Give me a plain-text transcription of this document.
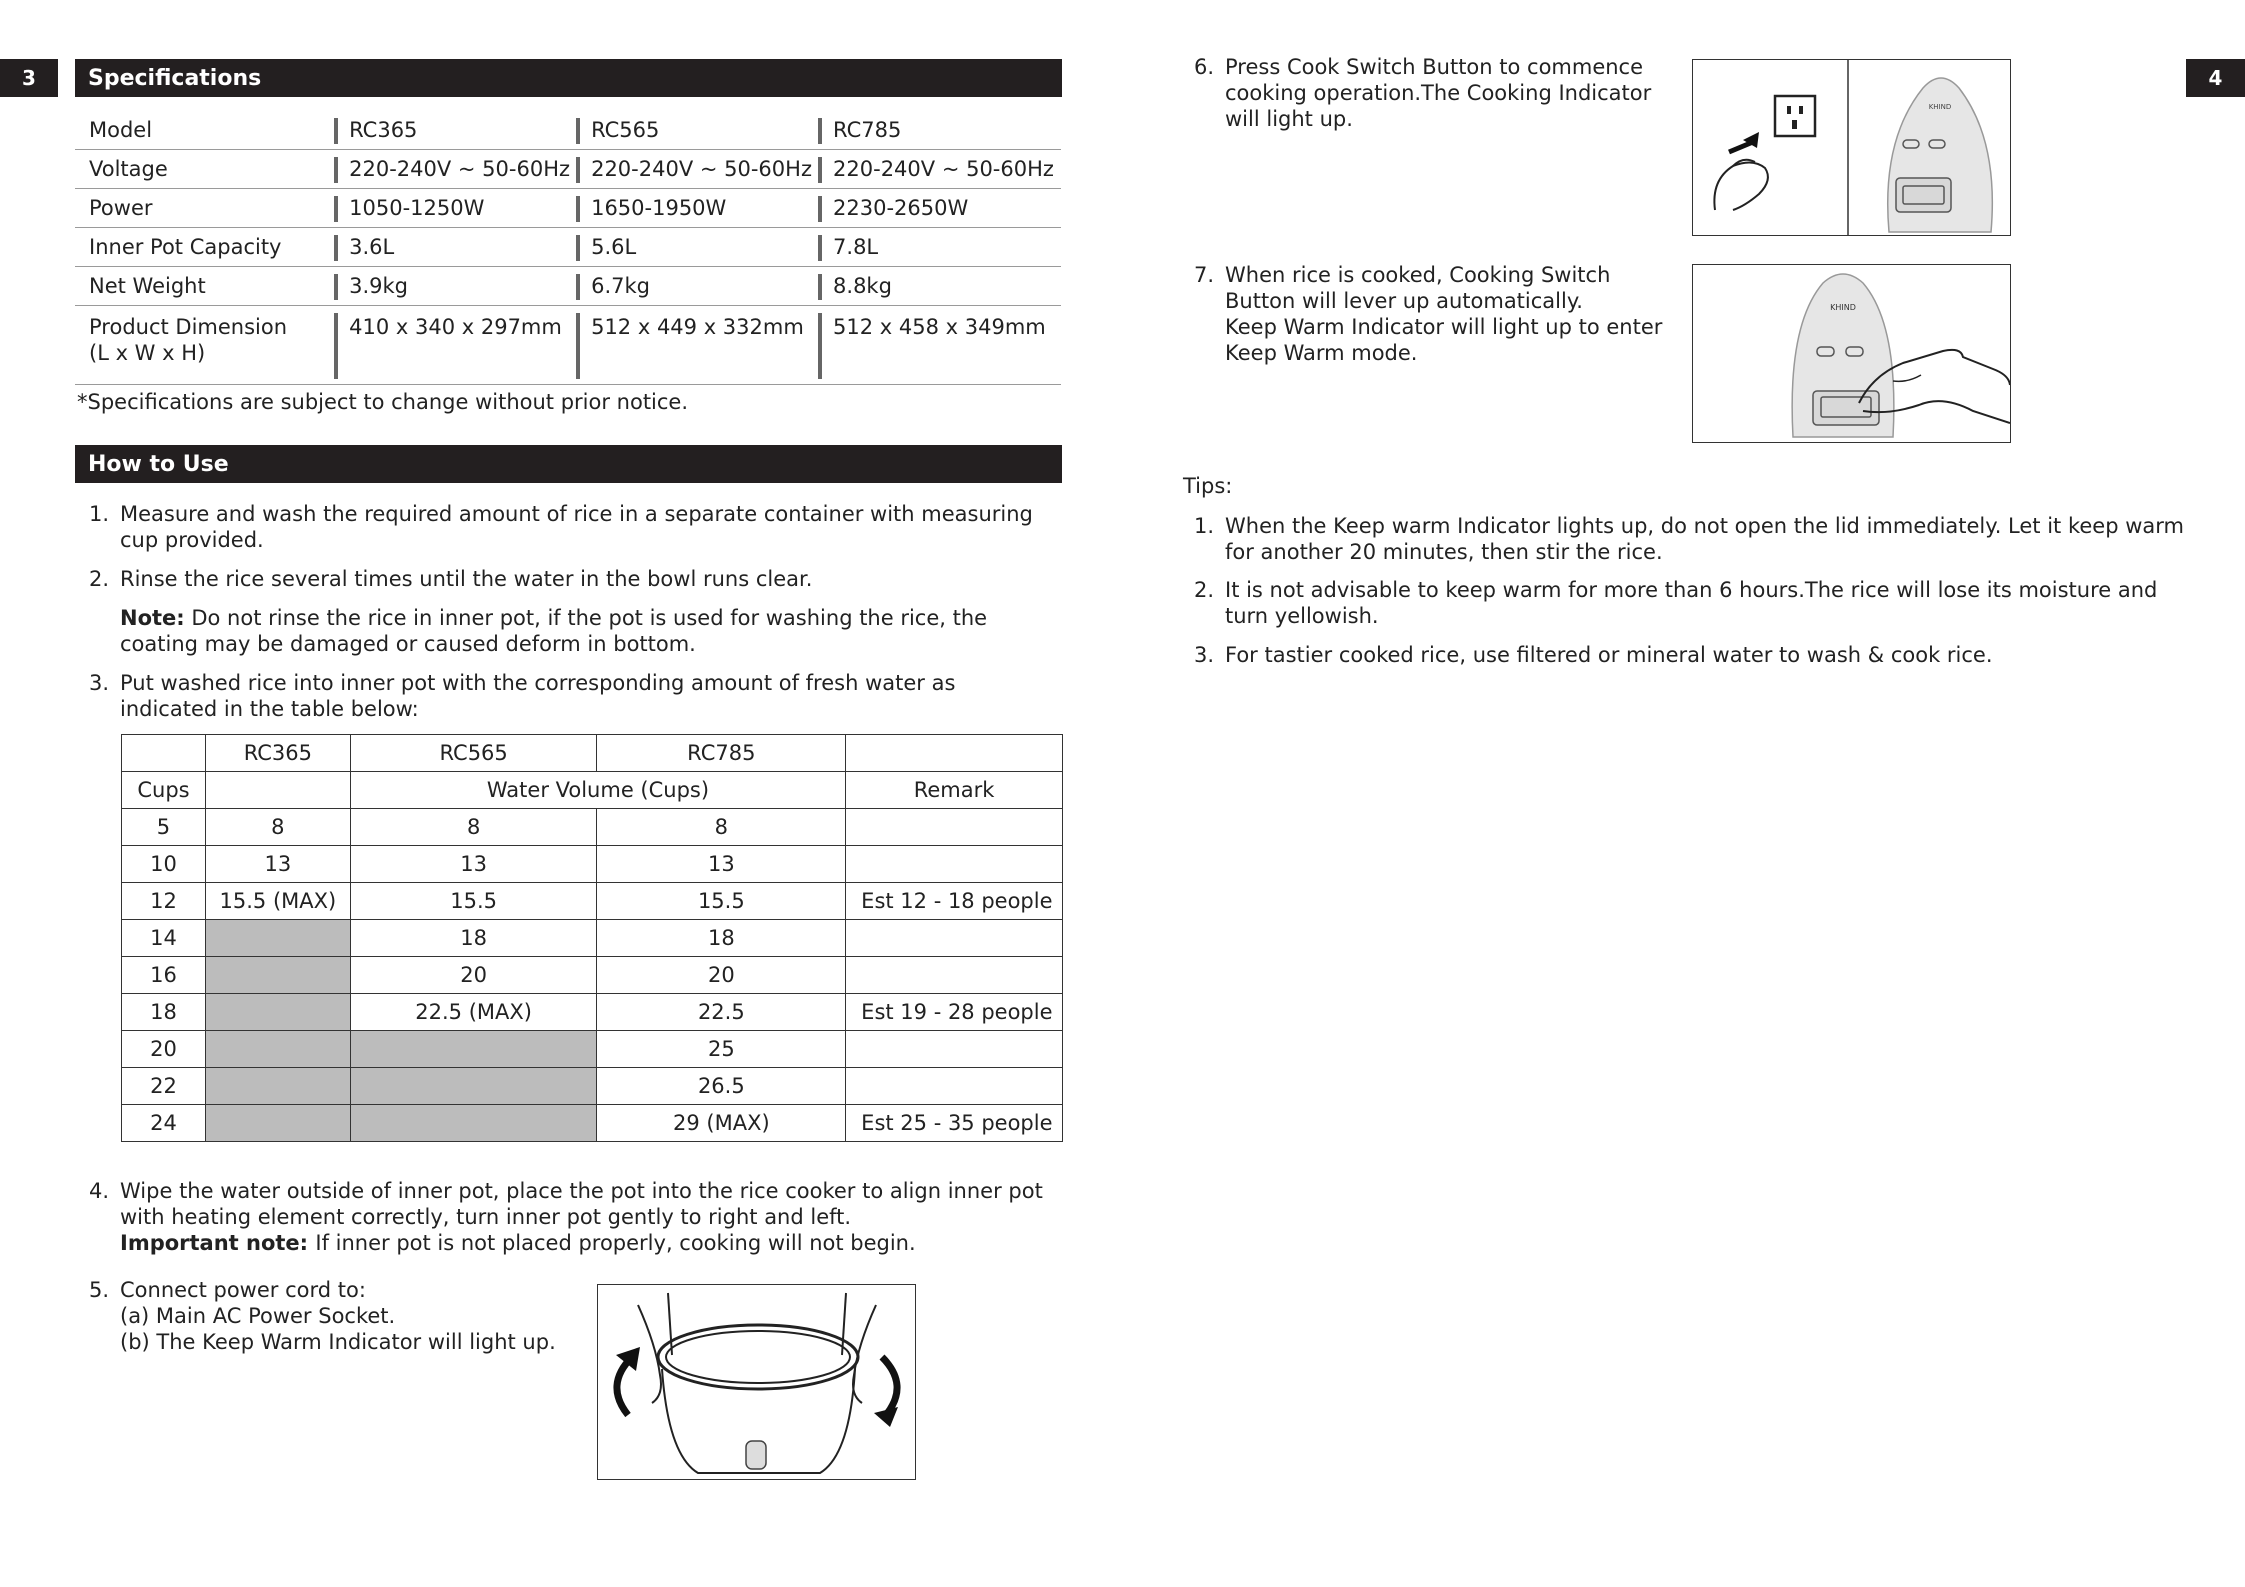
3	4
Specifications
Model	RC365	RC565	RC785
Voltage	220-240V ~ 50-60Hz	220-240V ~ 50-60Hz	220-240V ~ 50-60Hz
Power	1050-1250W	1650-1950W	2230-2650W
Inner Pot Capacity	3.6L	5.6L	7.8L
Net Weight	3.9kg	6.7kg	8.8kg
Product Dimension
(L x W x H)	410 x 340 x 297mm	512 x 449 x 332mm	512 x 458 x 349mm
*Specifications are subject to change without prior notice.
How to Use
1. Measure and wash the required amount of rice in a separate container with measuring cup provided.
2. Rinse the rice several times until the water in the bowl runs clear.
Note: Do not rinse the rice in inner pot, if the pot is used for washing the rice, the coating may be damaged or caused deform in bottom.
3. Put washed rice into inner pot with the corresponding amount of fresh water as indicated in the table below:
	RC365	RC565	RC785	
Cups		Water Volume (Cups)		Remark
5	8	8	8	
10	13	13	13	
12	15.5 (MAX)	15.5	15.5	Est 12 - 18 people
14		18	18	
16		20	20	
18		22.5 (MAX)	22.5	Est 19 - 28 people
20			25	
22			26.5	
24			29 (MAX)	Est 25 - 35 people
4. Wipe the water outside of inner pot, place the pot into the rice cooker to align inner pot with heating element correctly, turn inner pot gently to right and left.
Important note: If inner pot is not placed properly, cooking will not begin.
5. Connect power cord to:
(a) Main AC Power Socket.
(b) The Keep Warm Indicator will light up.
6. Press Cook Switch Button to commence
cooking operation.The Cooking Indicator
will light up.	KHIND
7. When rice is cooked, Cooking Switch
Button will lever up automatically.
Keep Warm Indicator will light up to enter
Keep Warm mode.
KHIND
Tips:
1. When the Keep warm Indicator lights up, do not open the lid immediately. Let it keep warm
for another 20 minutes, then stir the rice.
2. It is not advisable to keep warm for more than 6 hours.The rice will lose its moisture and
turn yellowish.
3. For tastier cooked rice, use filtered or mineral water to wash & cook rice.
